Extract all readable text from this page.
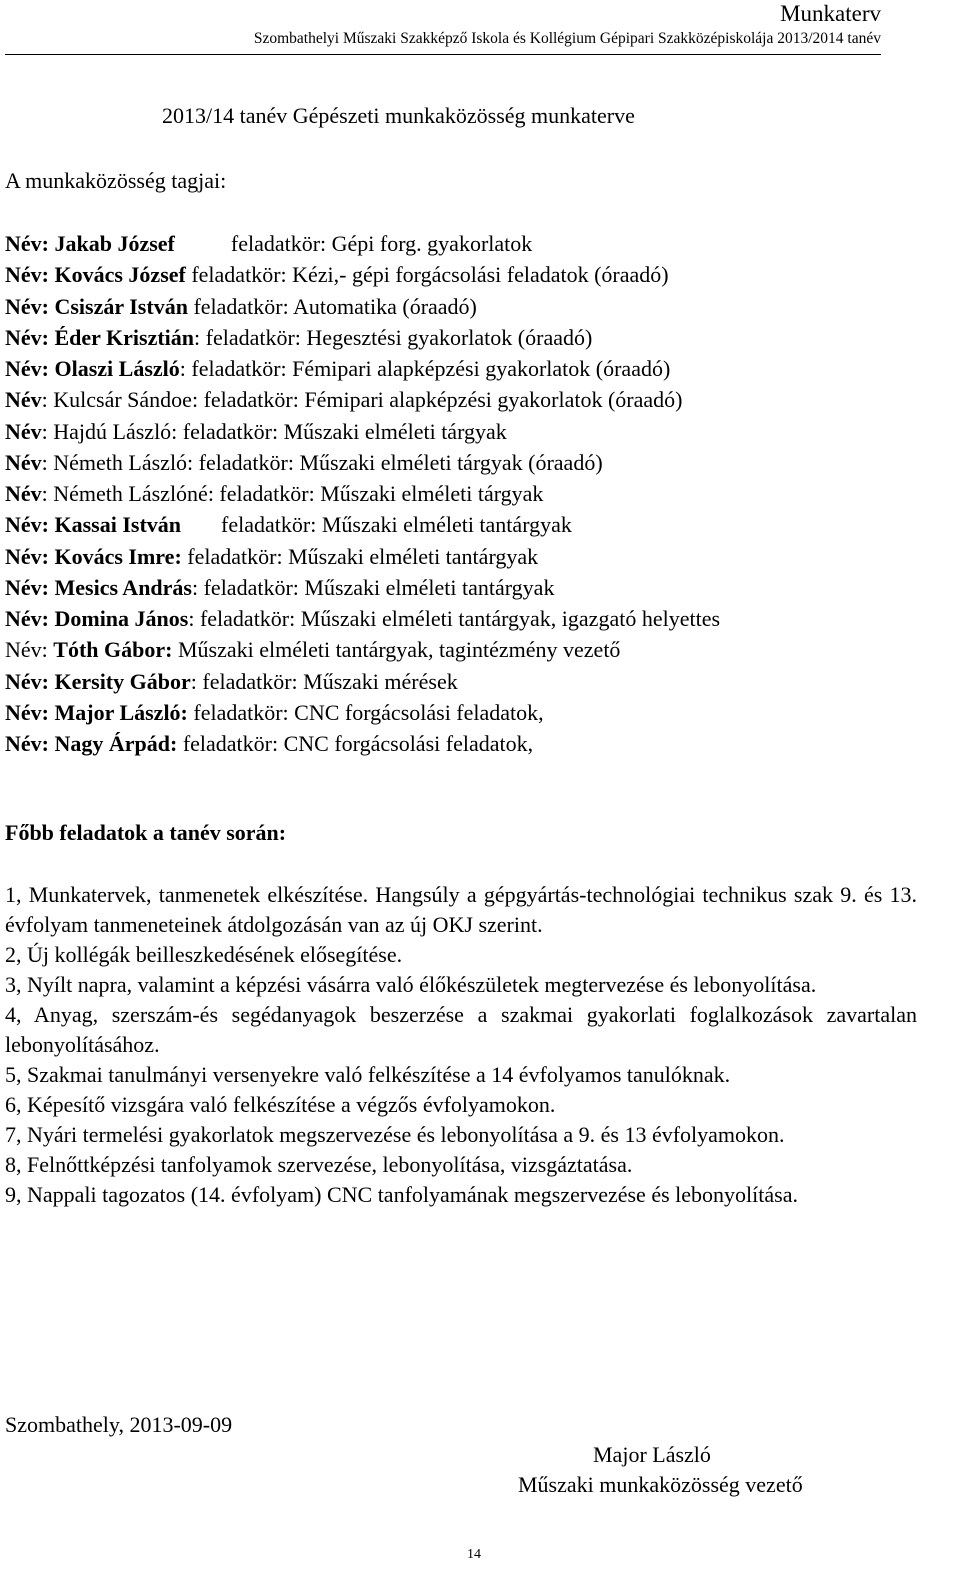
Munkaterv
Szombathelyi Műszaki Szakképző Iskola és Kollégium Gépipari Szakközépiskolája 2013/2014 tanév
2013/14 tanév Gépészeti munkaközösség munkaterve
A munkaközösség tagjai:
Név: Jakab József	feladatkör: Gépi forg. gyakorlatok
Név: Kovács József feladatkör: Kézi,- gépi forgácsolási feladatok (óraadó)
Név: Csiszár István feladatkör: Automatika (óraadó)
Név: Éder Krisztián: feladatkör: Hegesztési gyakorlatok (óraadó)
Név: Olaszi László: feladatkör: Fémipari alapképzési gyakorlatok (óraadó)
Név: Kulcsár Sándoe: feladatkör: Fémipari alapképzési gyakorlatok (óraadó)
Név: Hajdú László: feladatkör: Műszaki elméleti tárgyak
Név: Németh László: feladatkör: Műszaki elméleti tárgyak (óraadó)
Név: Németh Lászlóné: feladatkör: Műszaki elméleti tárgyak
Név: Kassai István feladatkör: Műszaki elméleti tantárgyak
Név: Kovács Imre: feladatkör: Műszaki elméleti tantárgyak
Név: Mesics András: feladatkör: Műszaki elméleti tantárgyak
Név: Domina János: feladatkör: Műszaki elméleti tantárgyak, igazgató helyettes
Név: Tóth Gábor: Műszaki elméleti tantárgyak, tagintézmény vezető
Név: Kersity Gábor: feladatkör: Műszaki mérések
Név: Major László: feladatkör: CNC forgácsolási feladatok,
Név: Nagy Árpád: feladatkör: CNC forgácsolási feladatok,
Főbb feladatok a tanév során:
1, Munkatervek, tanmenetek elkészítése. Hangsúly a gépgyártás-technológiai technikus szak 9. és 13. évfolyam tanmeneteinek átdolgozásán van az új OKJ szerint.
2, Új kollégák beilleszkedésének elősegítése.
3, Nyílt napra, valamint a képzési vásárra való élőkészületek megtervezése és lebonyolítása.
4, Anyag, szerszám-és segédanyagok beszerzése a szakmai gyakorlati foglalkozások zavartalan lebonyolításához.
5, Szakmai tanulmányi versenyekre való felkészítése a 14 évfolyamos tanulóknak.
6, Képesítő vizsgára való felkészítése a végzős évfolyamokon.
7, Nyári termelési gyakorlatok megszervezése és lebonyolítása a 9. és 13 évfolyamokon.
8, Felnőttképzési tanfolyamok szervezése, lebonyolítása, vizsgáztatása.
9, Nappali tagozatos (14. évfolyam) CNC tanfolyamának megszervezése és lebonyolítása.
Szombathely, 2013-09-09
Major László
Műszaki munkaközösség vezető
14
